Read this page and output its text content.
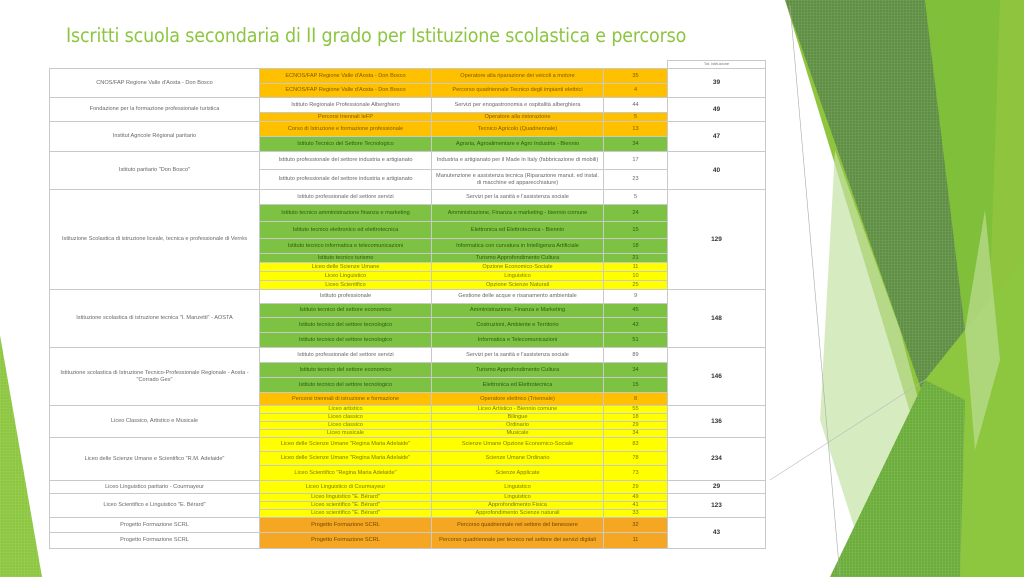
Iscritti scuola secondaria di II grado per Istituzione scolastica e percorso
				Tot. istituzione
CNOS/FAP Regione Valle d'Aosta - Don Bosco	ECNOS/FAP Regione Valle d'Aosta - Don Bosco	Operatore alla riparazione dei veicoli a motore	35	39
	ECNOS/FAP Regione Valle d'Aosta - Don Bosco	Percorso quadriennale Tecnico degli impianti elettrici	4	
Fondazione per la formazione professionale turistica	Istituto Regionale Professionale Alberghiero	Servizi per enogastronomia e ospitalità alberghiera	44	49
	Percorsi triennali IeFP	Operatore alla ristorazione	5	
Institut Agricole Régional paritario	Corso di Istruzione e formazione professionale	Tecnico Agricolo (Quadriennale)	13	47
	Istituto Tecnico del Settore Tecnologico	Agraria, Agroalimentare e Agro Industria - Biennio	34	
Istituto paritario "Don Bosco"	Istituto professionale del settore industria e artigianato	Industria e artigianato per il Made in Italy (fabbricazione di mobili)	17	40
	Istituto professionale del settore industria e artigianato	Manutenzione e assistenza tecnica (Riparazione manut. ed instal. di macchine ed apparecchiature)	23	
Istituzione Scolastica di istruzione liceale, tecnica e professionale di Verrès	Istituto professionale del settore servizi	Servizi per la sanità e l'assistenza sociale	5	129
	Istituto tecnico amministrazione finanza e marketing	Amministrazione, Finanza e marketing - biennio comune	24	
	Istituto tecnico elettronico ed elettrotecnica	Elettronica ed Elettrotecnica - Biennio	15	
	Istituto tecnico informatica e telecomunicazioni	Informatica con curvatura in Intelligenza Artificiale	18	
	Istituto tecnico turismo	Turismo Approfondimento Cultura	21	
	Liceo delle Scienze Umane	Opzione Economico-Sociale	11	
	Liceo Linguistico	Linguistico	10	
	Liceo Scientifico	Opzione Scienze Naturali	25	
Istituzione scolastica di istruzione tecnica "I. Manzetti" - AOSTA	Istituto professionale	Gestione delle acque e risanamento ambientale	9	148
	Istituto tecnico del settore economico	Amministrazione, Finanza e Marketing	45	
	Istituto tecnico del settore tecnologico	Costruzioni, Ambiente e Territorio	43	
	Istituto tecnico del settore tecnologico	Informatica e Telecomunicazioni	51	
Istituzione scolastica di Istruzione Tecnico-Professionale Regionale - Aosta - "Corrado Gex"	Istituto professionale del settore servizi	Servizi per la sanità e l'assistenza sociale	89	146
	Istituto tecnico del settore economico	Turismo Approfondimento Cultura	34	
	Istituto tecnico del settore tecnologico	Elettronica ed Elettrotecnica	15	
	Percorsi triennali di istruzione e formazione	Operatore elettrico (Triennale)	8	
Liceo Classico, Artistico e Musicale	Liceo artistico	Liceo Artistico - Biennio comune	55	136
	Liceo classico	Bilingue	18	
	Liceo classico	Ordinario	29	
	Liceo musicale	Musicale	34	
Liceo delle Scienze Umane e Scientifico "R.M. Adelaide"	Liceo delle Scienze Umane "Regina Maria Adelaide"	Scienze Umane Opzione Economico-Sociale	83	234
	Liceo delle Scienze Umane "Regina Maria Adelaide"	Scienze Umane Ordinario	78	
	Liceo Scientifico "Regina Maria Adelaide"	Scienze Applicate	73	
Liceo Linguistico paritario - Courmayeur	Liceo Linguistico di Courmayeur	Linguistico	29	29
Liceo Scientifico e Linguistico "E. Bérard"	Liceo linguistico "E. Bérard"	Linguistico	49	123
	Liceo scientifico "E. Bérard"	Approfondimento Fisica	41	
	Liceo scientifico "E. Bérard"	Approfondimento Scienze naturali	33	
Progetto Formazione SCRL	Progetto Formazione SCRL	Percorso quadriennale nel settore del benessere	32	43
Progetto Formazione SCRL	Progetto Formazione SCRL	Percorso quadriennale per tecnico nel settore dei servizi digitali	11	
